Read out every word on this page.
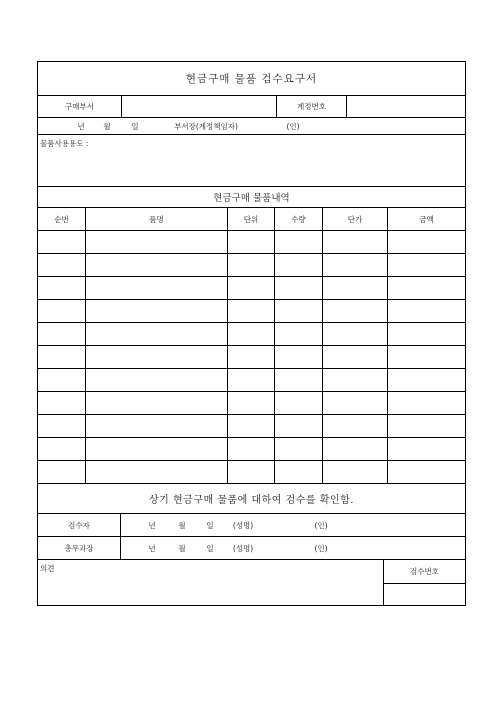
현금구매 물품 검수요구서
구매부서	계정번호
년	월	일	부서장(계정책임자)	(인)
물품사용용도 :
현금구매 물품내역
순번	품명	단위	수량	단가	금액
상기 현금구매 물품에 대하여 검수를 확인함.
검수자	년	월	일	(성명)	(인)
총무과장	년	월	일	(성명)	(인)
의견	검수번호
